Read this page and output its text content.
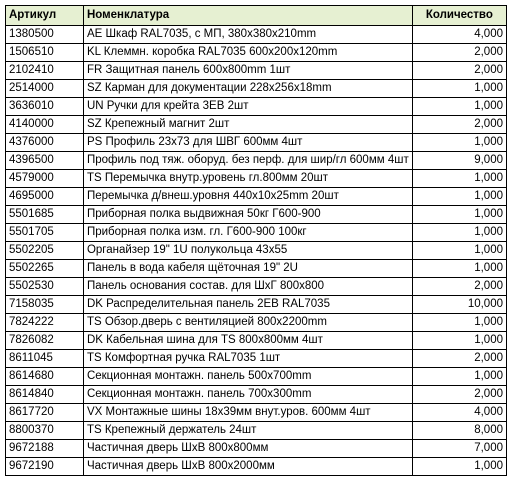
Артикул	Номенклатура	Количество
1380500	AE Шкаф RAL7035, с МП, 380x380x210mm	4,000
1506510	KL Клеммн. коробка RAL7035 600x200x120mm	2,000
2102410	FR Защитная панель 600x800mm 1шт	2,000
2514000	SZ Карман для документации 228x256x18mm	1,000
3636010	UN Ручки для крейта 3ЕВ 2шт	1,000
4140000	SZ Крепежный магнит 2шт	2,000
4376000	PS Профиль 23x73 для ШВГ 600мм 4шт	1,000
4396500	Профиль под тяж. оборуд. без перф. для шир/гл 600мм 4шт	9,000
4579000	TS Перемычка внутр.уровень гл.800мм 20шт	1,000
4695000	Перемычка д/внеш.уровня 440x10x25mm 20шт	1,000
5501685	Приборная полка выдвижная 50кг Г600-900	1,000
5501705	Приборная полка изм. гл. Г600-900 100кг	1,000
5502205	Органайзер 19" 1U полукольца 43x55	1,000
5502265	Панель в вода кабеля щёточная 19" 2U	1,000
5502530	Панель основания состав. для ШхГ 800x800	2,000
7158035	DK Распределительная панель 2ЕВ RAL7035	10,000
7824222	TS Обзор.дверь с вентиляцией 800x2200mm	1,000
7826082	DK Кабельная шина для TS 800x800мм 4шт	1,000
8611045	TS Комфортная ручка RAL7035 1шт	2,000
8614680	Секционная монтажн. панель 500x700mm	1,000
8614840	Секционная монтажн. панель 700x300mm	2,000
8617720	VX Монтажные шины 18x39мм внут.уров. 600мм 4шт	4,000
8800370	TS Крепежный держатель 24шт	8,000
9672188	Частичная дверь ШхВ 800x800мм	7,000
9672190	Частичная дверь ШхВ 800x2000мм	1,000
